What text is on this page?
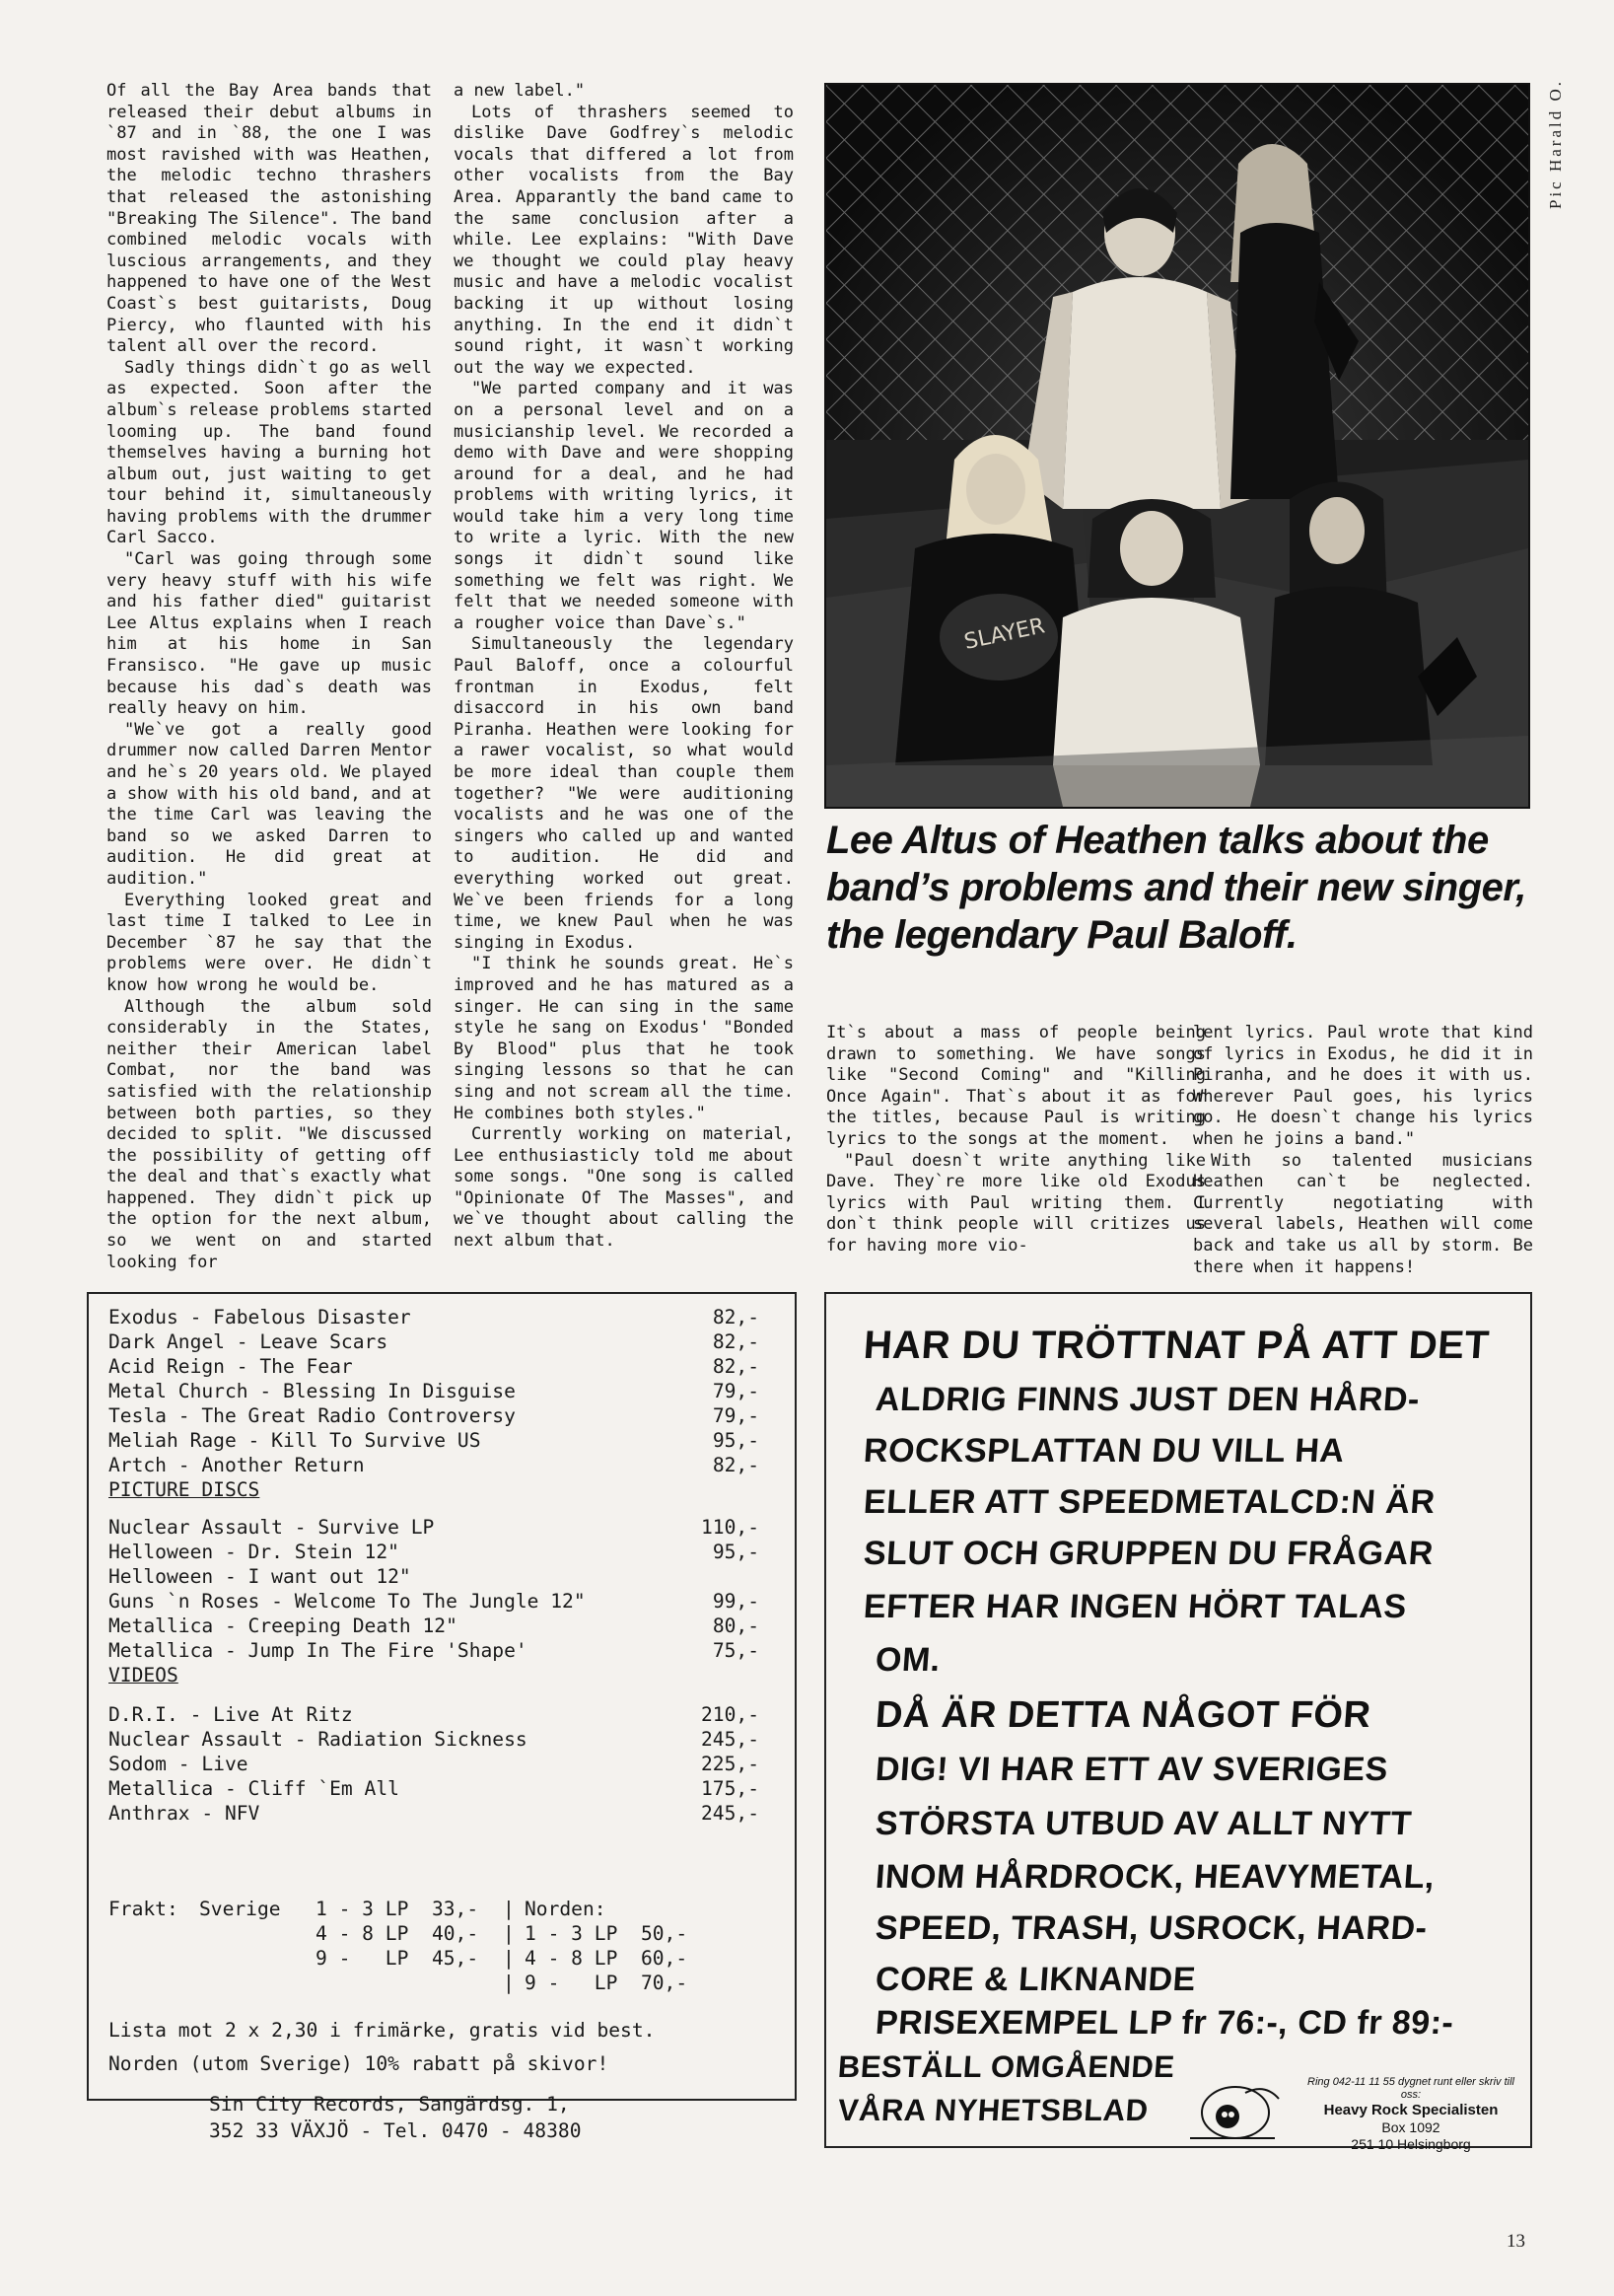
Of all the Bay Area bands that released their debut albums in `87 and in `88, the one I was most ravished with was Heathen, the melodic techno thrashers that released the astonishing "Breaking The Silence". The band combined melodic vocals with luscious arrangements, and they happened to have one of the West Coast`s best guitarists, Doug Piercy, who flaunted with his talent all over the record.

Sadly things didn`t go as well as expected. Soon after the album`s release problems started looming up. The band found themselves having a burning hot album out, just waiting to get tour behind it, simultaneously having problems with the drummer Carl Sacco.

"Carl was going through some very heavy stuff with his wife and his father died" guitarist Lee Altus explains when I reach him at his home in San Fransisco. "He gave up music because his dad`s death was really heavy on him.

"We`ve got a really good drummer now called Darren Mentor and he`s 20 years old. We played a show with his old band, and at the time Carl was leaving the band so we asked Darren to audition. He did great at audition."

Everything looked great and last time I talked to Lee in December `87 he say that the problems were over. He didn`t know how wrong he would be.

Although the album sold considerably in the States, neither their American label Combat, nor the band was satisfied with the relationship between both parties, so they decided to split. "We discussed the possibility of getting off the deal and that`s exactly what happened. They didn`t pick up the option for the next album, so we went on and started looking for

a new label."

Lots of thrashers seemed to dislike Dave Godfrey`s melodic vocals that differed a lot from other vocalists from the Bay Area. Apparantly the band came to the same conclusion after a while. Lee explains: "With Dave we thought we could play heavy music and have a melodic vocalist backing it up without losing anything. In the end it didn`t sound right, it wasn`t working out the way we expected.

"We parted company and it was on a personal level and on a musicianship level. We recorded a demo with Dave and were shopping around for a deal, and he had problems with writing lyrics, it would take him a very long time to write a lyric. With the new songs it didn`t sound like something we felt was right. We felt that we needed someone with a rougher voice than Dave`s."

Simultaneously the legendary Paul Baloff, once a colourful frontman in Exodus, felt disaccord in his own band Piranha. Heathen were looking for a rawer vocalist, so what would be more ideal than couple them together? "We were auditioning vocalists and he was one of the singers who called up and wanted to audition. He did and everything worked out great. We`ve been friends for a long time, we knew Paul when he was singing in Exodus.

"I think he sounds great. He`s improved and he has matured as a singer. He can sing in the same style he sang on Exodus' "Bonded By Blood" plus that he took singing lessons so that he can sing and not scream all the time. He combines both styles."

Currently working on material, Lee enthusiasticly told me about some songs. "One song is called "Opinionate Of The Masses", and we`ve thought about calling the next album that.

SLAYER
Pic Harald O.
Lee Altus of Heathen talks about the band’s problems and their new singer, the legendary Paul Baloff.

It`s about a mass of people being drawn to something. We have songs like "Second Coming" and "Killing Once Again". That`s about it as for the titles, because Paul is writing lyrics to the songs at the moment.

"Paul doesn`t write anything like Dave. They`re more like old Exodus lyrics with Paul writing them. I don`t think people will critizes us for having more vio-

lent lyrics. Paul wrote that kind of lyrics in Exodus, he did it in Piranha, and he does it with us. Wherever Paul goes, his lyrics go. He doesn`t change his lyrics when he joins a band."

With so talented musicians Heathen can`t be neglected. Currently negotiating with several labels, Heathen will come back and take us all by storm. Be there when it happens!

Exodus - Fabelous Disaster	82,-
Dark Angel - Leave Scars	82,-
Acid Reign - The Fear	82,-
Metal Church - Blessing In Disguise	79,-
Tesla - The Great Radio Controversy	79,-
Meliah Rage - Kill To Survive US	95,-
Artch - Another Return	82,-
PICTURE DISCS
Nuclear Assault - Survive LP	110,-
Helloween - Dr. Stein 12"	95,-
Helloween - I want out 12"
Guns `n Roses - Welcome To The Jungle 12"	99,-
Metallica - Creeping Death 12"	80,-
Metallica - Jump In The Fire 'Shape'	75,-
VIDEOS
D.R.I. - Live At Ritz	210,-
Nuclear Assault - Radiation Sickness	245,-
Sodom - Live	225,-
Metallica - Cliff `Em All	175,-
Anthrax - NFV	245,-
Frakt: Sverige 1 - 3 LP  33,-
4 - 8 LP  40,-
9 -   LP  45,-
|
|
|
|
Norden:
1 - 3 LP  50,-
4 - 8 LP  60,-
9 -   LP  70,-
Lista mot 2 x 2,30 i frimärke, gratis vid best.
Norden (utom Sverige) 10% rabatt på skivor!
Sin City Records, Sangärdsg. 1,
352 33 VÄXJÖ - Tel. 0470 - 48380
HAR DU TRÖTTNAT PÅ ATT DET
ALDRIG FINNS JUST DEN HÅRD-
ROCKSPLATTAN DU VILL HA
ELLER ATT SPEEDMETALCD:N ÄR
SLUT OCH GRUPPEN DU FRÅGAR
EFTER HAR INGEN HÖRT TALAS
OM.
DÅ ÄR DETTA NÅGOT FÖR
DIG! VI HAR ETT AV SVERIGES
STÖRSTA UTBUD AV ALLT NYTT
INOM HÅRDROCK, HEAVYMETAL,
SPEED, TRASH, USROCK, HARD-
CORE & LIKNANDE
PRISEXEMPEL LP fr 76:-, CD fr 89:-
BESTÄLL OMGÅENDE
VÅRA NYHETSBLAD
Ring 042-11 11 55 dygnet runt eller skriv till oss:
Heavy Rock Specialisten
Box 1092
251 10 Helsingborg
13
